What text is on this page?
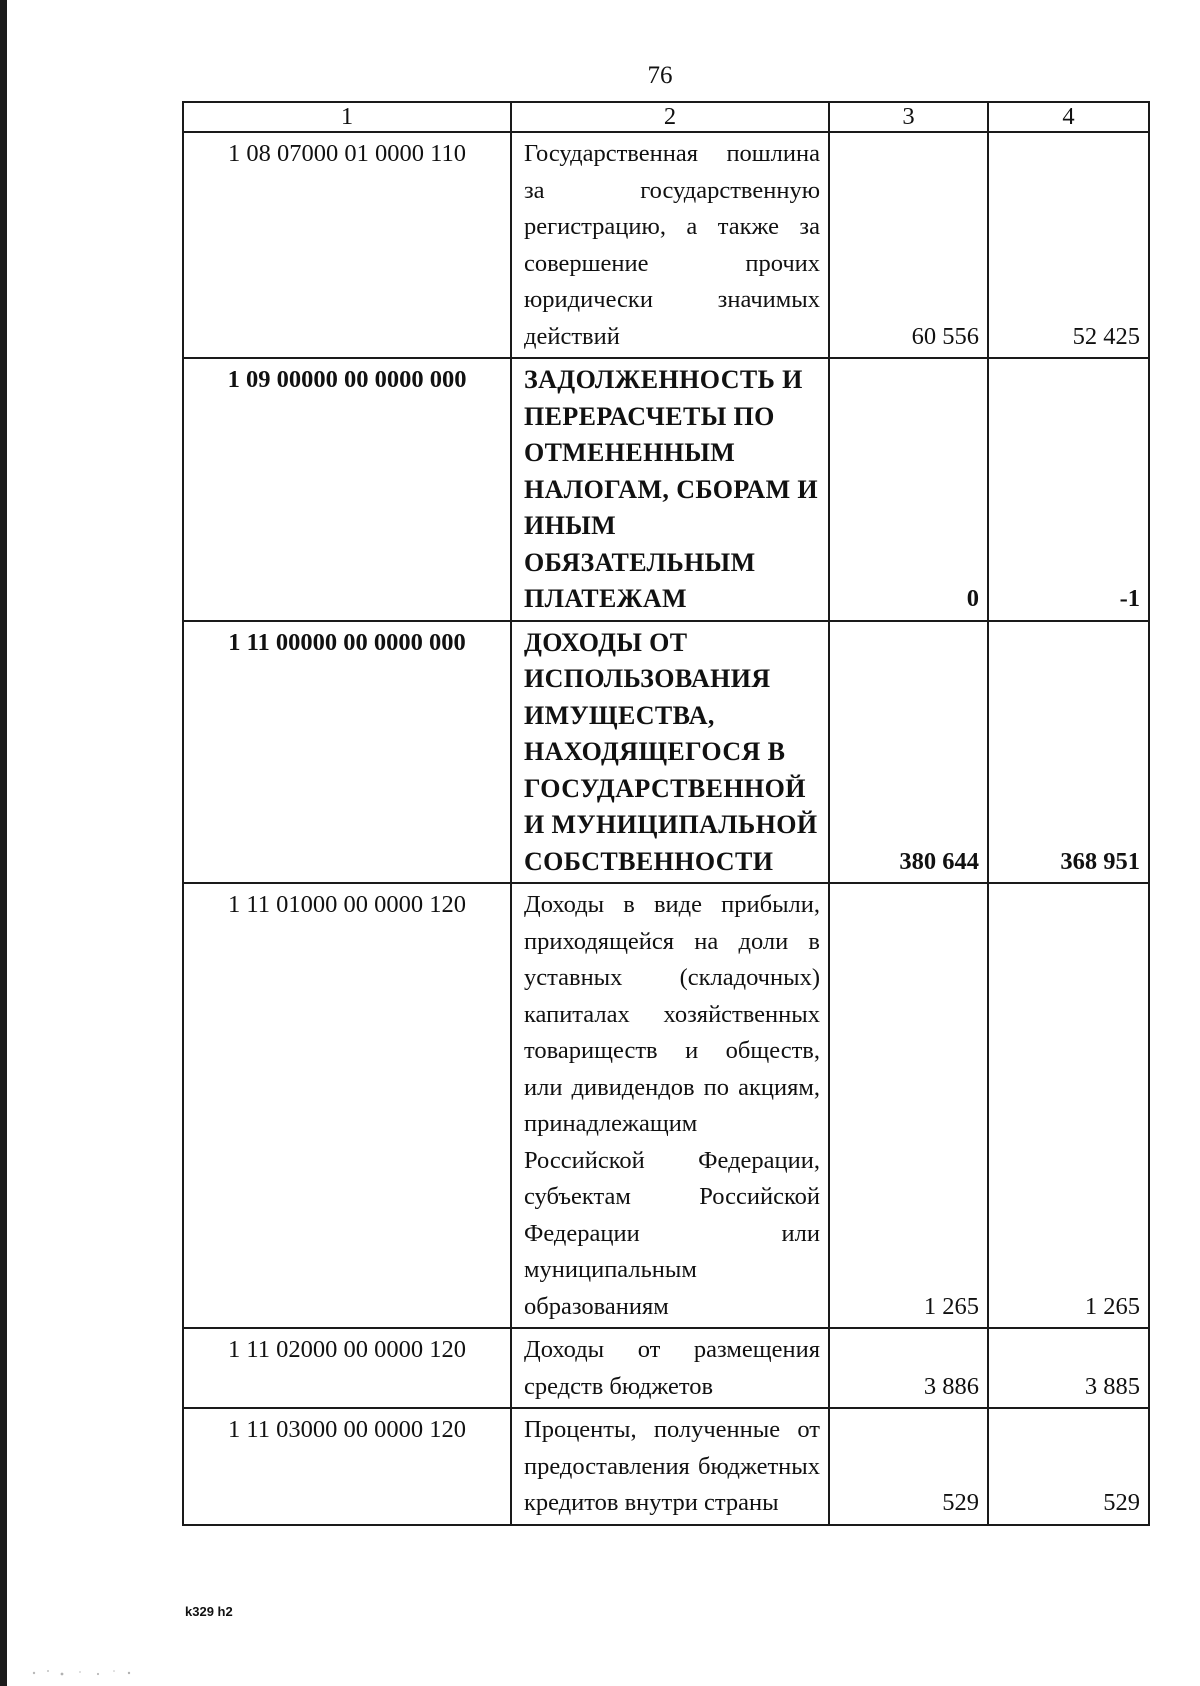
76
1	2	3	4
1 08 07000 01 0000 110	Государственная пошлина за государственную регистрацию, а также за совершение прочих юридически значимых действий	60 556	52 425
1 09 00000 00 0000 000	ЗАДОЛЖЕННОСТЬ И ПЕРЕРАСЧЕТЫ ПО ОТМЕНЕННЫМ НАЛОГАМ, СБОРАМ И ИНЫМ ОБЯЗАТЕЛЬНЫМ ПЛАТЕЖАМ	0	-1
1 11 00000 00 0000 000	ДОХОДЫ ОТ ИСПОЛЬЗОВАНИЯ ИМУЩЕСТВА, НАХОДЯЩЕГОСЯ В ГОСУДАРСТВЕННОЙ И МУНИЦИПАЛЬНОЙ СОБСТВЕННОСТИ	380 644	368 951
1 11 01000 00 0000 120	Доходы в виде прибыли, приходящейся на доли в уставных (складочных) капиталах хозяйственных товариществ и обществ, или дивидендов по акциям, принадлежащим Российской Федерации, субъектам Российской Федерации или муниципальным образованиям	1 265	1 265
1 11 02000 00 0000 120	Доходы от размещения средств бюджетов	3 886	3 885
1 11 03000 00 0000 120	Проценты, полученные от предоставления бюджетных кредитов внутри страны	529	529
k329 h2
